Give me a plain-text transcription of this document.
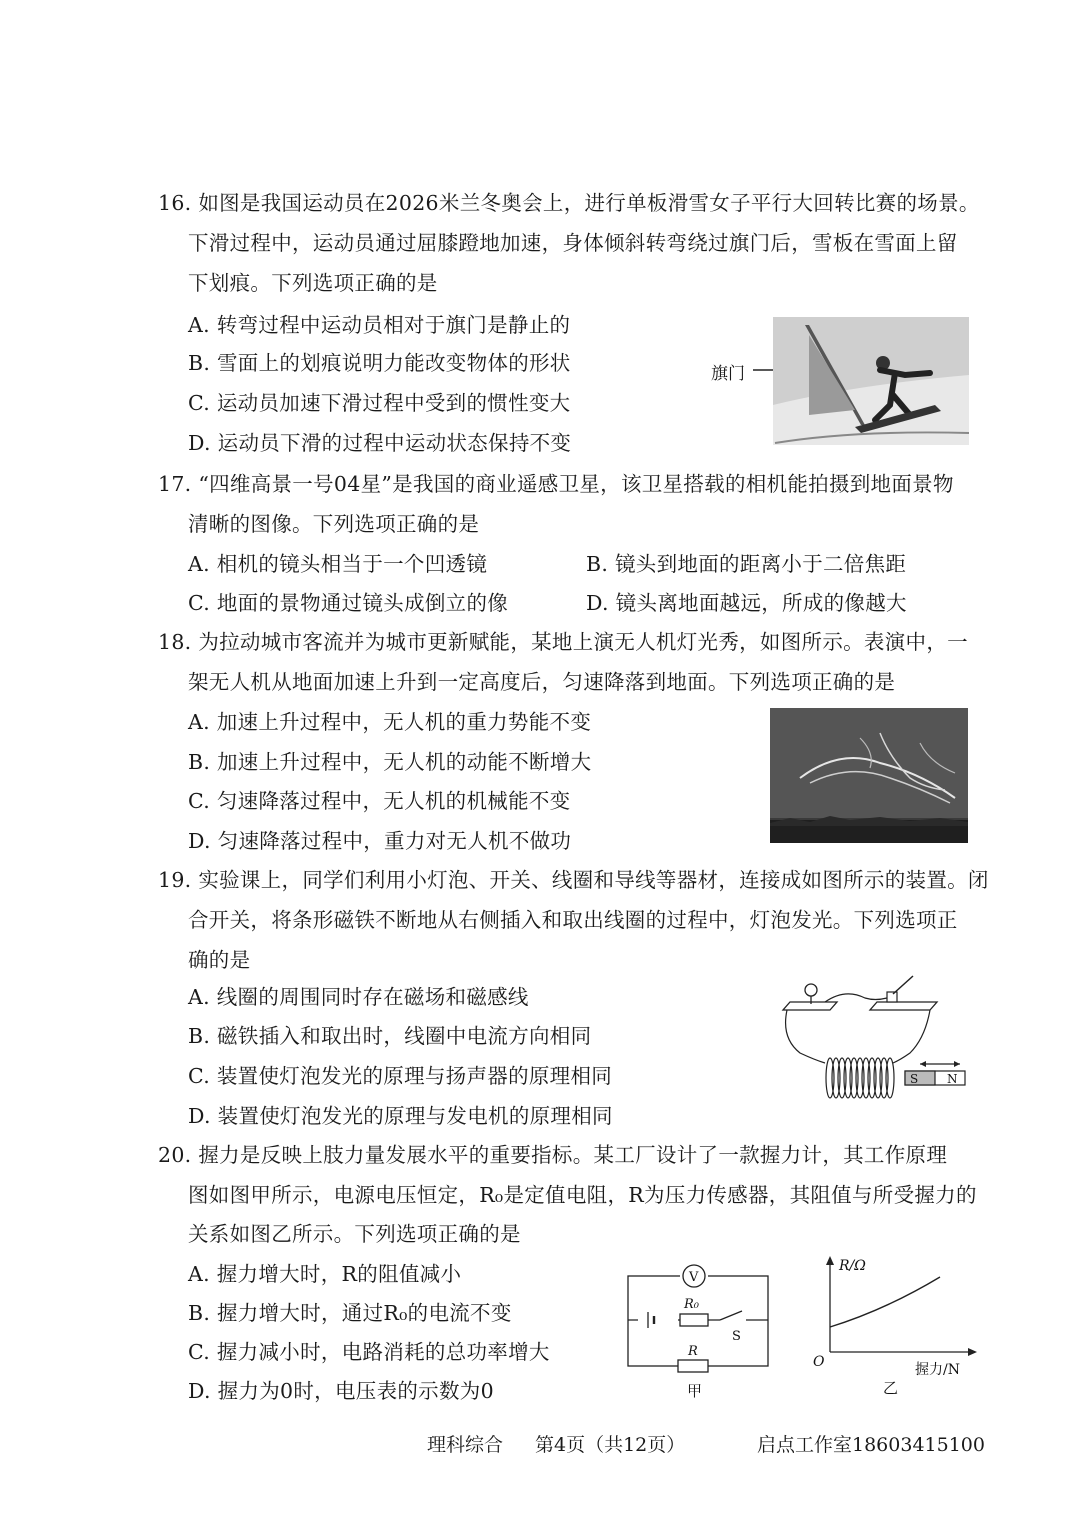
16. 如图是我国运动员在2026米兰冬奥会上，进行单板滑雪女子平行大回转比赛的场景。
下滑过程中，运动员通过屈膝蹬地加速，身体倾斜转弯绕过旗门后，雪板在雪面上留
下划痕。下列选项正确的是
A. 转弯过程中运动员相对于旗门是静止的
B. 雪面上的划痕说明力能改变物体的形状
C. 运动员加速下滑过程中受到的惯性变大
D. 运动员下滑的过程中运动状态保持不变
旗门
17. “四维高景一号04星”是我国的商业遥感卫星，该卫星搭载的相机能拍摄到地面景物
清晰的图像。下列选项正确的是
A. 相机的镜头相当于一个凹透镜	B. 镜头到地面的距离小于二倍焦距
C. 地面的景物通过镜头成倒立的像	D. 镜头离地面越远，所成的像越大
18. 为拉动城市客流并为城市更新赋能，某地上演无人机灯光秀，如图所示。表演中，一
架无人机从地面加速上升到一定高度后，匀速降落到地面。下列选项正确的是
A. 加速上升过程中，无人机的重力势能不变
B. 加速上升过程中，无人机的动能不断增大
C. 匀速降落过程中，无人机的机械能不变
D. 匀速降落过程中，重力对无人机不做功
19. 实验课上，同学们利用小灯泡、开关、线圈和导线等器材，连接成如图所示的装置。闭
合开关，将条形磁铁不断地从右侧插入和取出线圈的过程中，灯泡发光。下列选项正
确的是
A. 线圈的周围同时存在磁场和磁感线
B. 磁铁插入和取出时，线圈中电流方向相同
C. 装置使灯泡发光的原理与扬声器的原理相同
D. 装置使灯泡发光的原理与发电机的原理相同
S N
20. 握力是反映上肢力量发展水平的重要指标。某工厂设计了一款握力计，其工作原理
图如图甲所示，电源电压恒定，R₀是定值电阻，R为压力传感器，其阻值与所受握力的
关系如图乙所示。下列选项正确的是
A. 握力增大时，R的阻值减小
B. 握力增大时，通过R₀的电流不变
C. 握力减小时，电路消耗的总功率增大
D. 握力为0时，电压表的示数为0
V
R₀
S
R
甲
R/Ω
握力/N
O
乙
理科综合 第4页（共12页）	启点工作室18603415100
